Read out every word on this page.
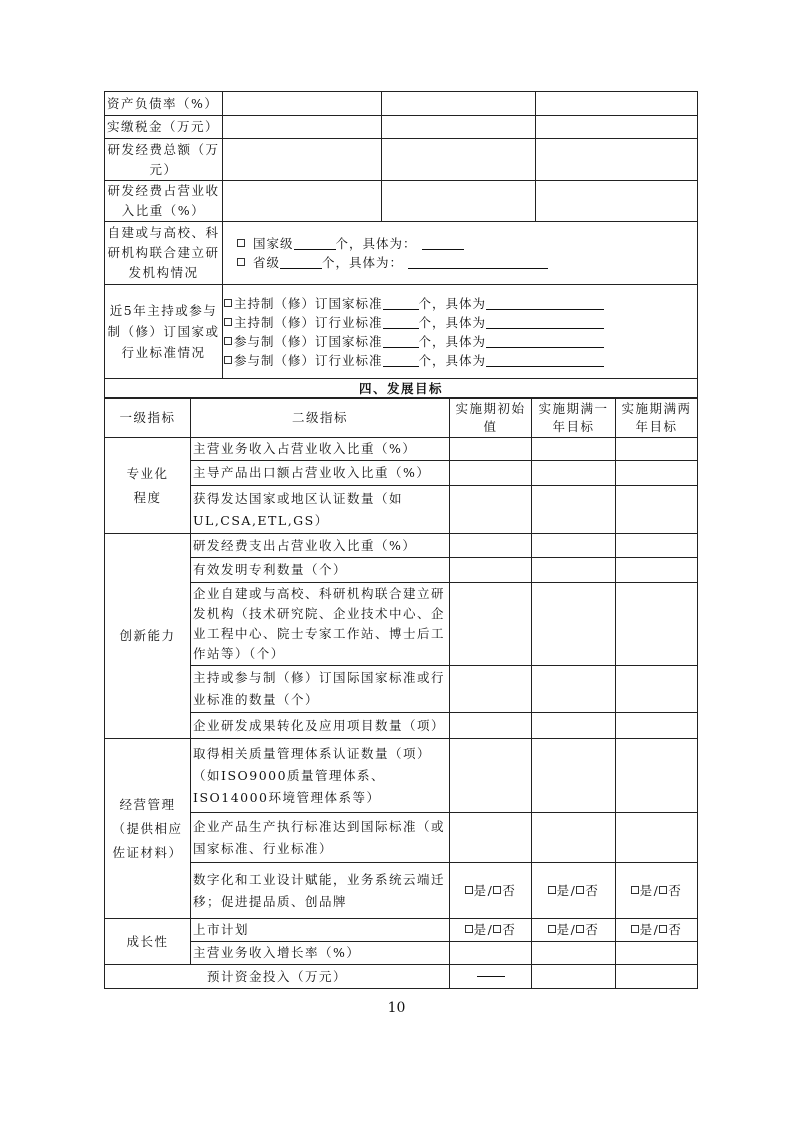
资产负债率（%）			
实缴税金（万元）			
研发经费总额（万元）			
研发经费占营业收入比重（%）			
自建或与高校、科研机构联合建立研发机构情况	国家级 个，具体为：
省级 个，具体为：		

近5年主持或参与制（修）订国家或行业标准情况	主持制（修）订国家标准 个，具体为
主持制（修）订行业标准 个，具体为
参与制（修）订国家标准 个，具体为
参与制（修）订行业标准 个，具体为		

四、发展目标			
一级指标	二级指标	实施期初始值	实施期满一年目标	实施期满两年目标
专业化程度	主营业务收入占营业收入比重（%）			
	主导产品出口额占营业收入比重（%）			
	获得发达国家或地区认证数量（如UL,CSA,ETL,GS）			
创新能力	研发经费支出占营业收入比重（%）			
	有效发明专利数量（个）			
	企业自建或与高校、科研机构联合建立研发机构（技术研究院、企业技术中心、企业工程中心、院士专家工作站、博士后工作站等）（个）			
	主持或参与制（修）订国际国家标准或行业标准的数量（个）			
	企业研发成果转化及应用项目数量（项）			
经营管理（提供相应佐证材料）	取得相关质量管理体系认证数量（项）（如ISO9000质量管理体系、ISO14000环境管理体系等）			
	企业产品生产执行标准达到国际标准（或国家标准、行业标准）			
	数字化和工业设计赋能，业务系统云端迁移；促进提品质、创品牌	是/ 否	是/ 否	是/ 否
成长性	上市计划	是/ 否	是/ 否	是/ 否
	主营业务收入增长率（%）			
预计资金投入（万元）				
10
